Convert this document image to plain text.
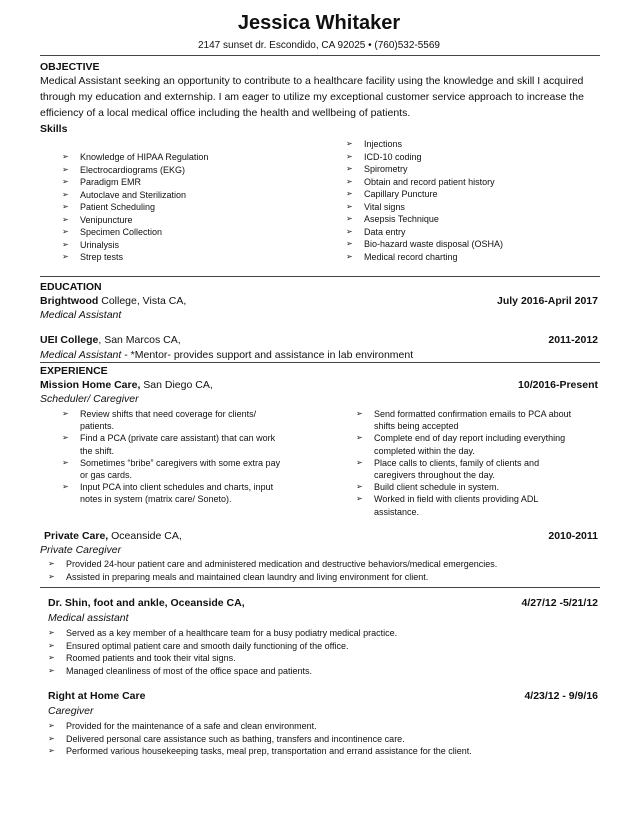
Jessica Whitaker
2147 sunset dr. Escondido, CA 92025 • (760)532-5569
OBJECTIVE

Medical Assistant seeking an opportunity to contribute to a healthcare facility using the knowledge and skill I acquired

through my education and externship. I am eager to utilize my exceptional customer service approach to increase the

efficiency of a local medical office including the health and wellbeing of patients.

Skills
➢ Knowledge of HIPAA Regulation
➢ Electrocardiograms (EKG)
➢ Paradigm EMR
➢ Autoclave and Sterilization
➢ Patient Scheduling
➢ Venipuncture
➢ Specimen Collection
➢ Urinalysis
➢ Strep tests
➢ Injections
➢ ICD-10 coding
➢ Spirometry
➢ Obtain and record patient history
➢ Capillary Puncture
➢ Vital signs
➢ Asepsis Technique
➢ Data entry
➢ Bio-hazard waste disposal (OSHA)
➢ Medical record charting
EDUCATION
Brightwood College, Vista CA,	July 2016-April 2017
Medical Assistant
UEI College, San Marcos CA,	2011-2012
Medical Assistant - *Mentor- provides support and assistance in lab environment
EXPERIENCE
Mission Home Care, San Diego CA,	10/2016-Present
Scheduler/ Caregiver
➢ Review shifts that need coverage for clients/
patients.
➢ Find a PCA (private care assistant) that can work
the shift.
➢ Sometimes “bribe” caregivers with some extra pay
or gas cards.
➢ Input PCA into client schedules and charts, input
notes in system (matrix care/ Soneto).
➢ Send formatted confirmation emails to PCA about
shifts being accepted
➢ Complete end of day report including everything
completed within the day.
➢ Place calls to clients, family of clients and
caregivers throughout the day.
➢ Build client schedule in system.
➢ Worked in field with clients providing ADL
assistance.
Private Care, Oceanside CA,	2010-2011
Private Caregiver
➢ Provided 24-hour patient care and administered medication and destructive behaviors/medical emergencies.
➢ Assisted in preparing meals and maintained clean laundry and living environment for client.
Dr. Shin, foot and ankle, Oceanside CA,	4/27/12 -5/21/12
Medical assistant
➢ Served as a key member of a healthcare team for a busy podiatry medical practice.
➢ Ensured optimal patient care and smooth daily functioning of the office.
➢ Roomed patients and took their vital signs.
➢ Managed cleanliness of most of the office space and patients.
Right at Home Care	4/23/12 - 9/9/16
Caregiver
➢ Provided for the maintenance of a safe and clean environment.
➢ Delivered personal care assistance such as bathing, transfers and incontinence care.
➢ Performed various housekeeping tasks, meal prep, transportation and errand assistance for the client.
